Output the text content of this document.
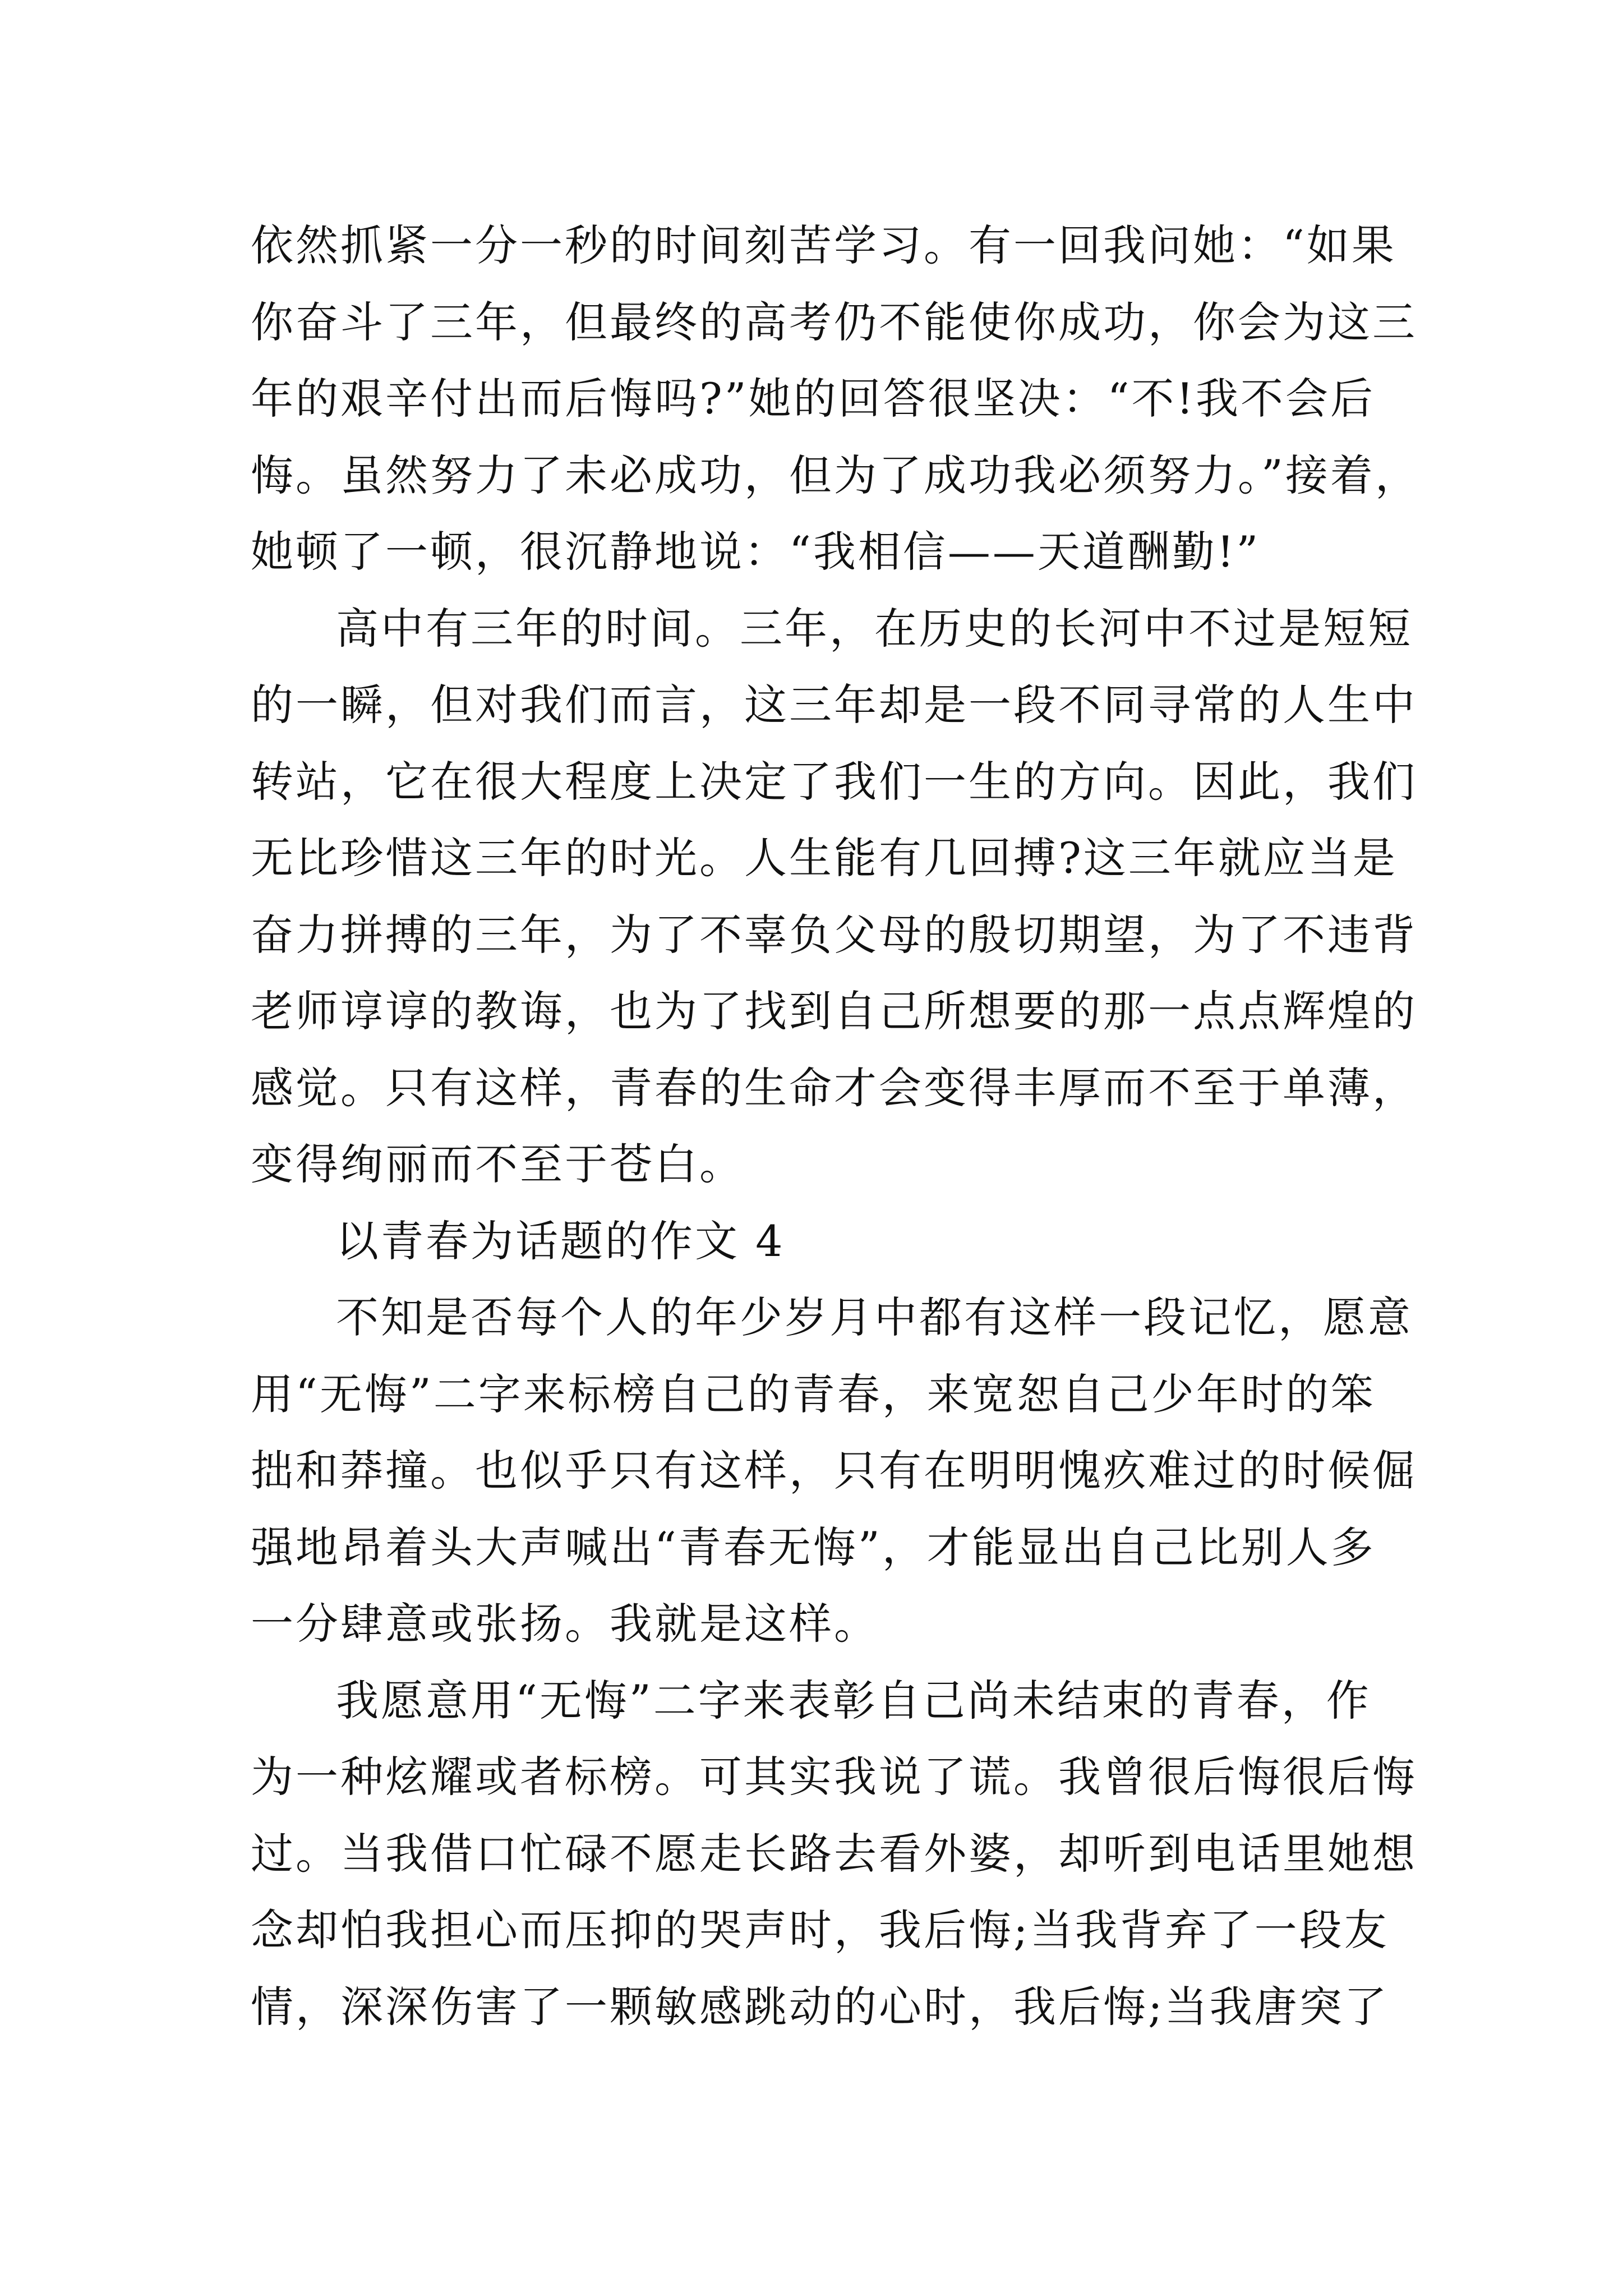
依然抓紧一分一秒的时间刻苦学习。有一回我问她：“如果
你奋斗了三年，但最终的高考仍不能使你成功，你会为这三
年的艰辛付出而后悔吗?”她的回答很坚决：“不!我不会后
悔。虽然努力了未必成功，但为了成功我必须努力。”接着，
她顿了一顿，很沉静地说：“我相信——天道酬勤!”
高中有三年的时间。三年，在历史的长河中不过是短短
的一瞬，但对我们而言，这三年却是一段不同寻常的人生中
转站，它在很大程度上决定了我们一生的方向。因此，我们
无比珍惜这三年的时光。人生能有几回搏?这三年就应当是
奋力拼搏的三年，为了不辜负父母的殷切期望，为了不违背
老师谆谆的教诲，也为了找到自己所想要的那一点点辉煌的
感觉。只有这样，青春的生命才会变得丰厚而不至于单薄，
变得绚丽而不至于苍白。
以青春为话题的作文 4
不知是否每个人的年少岁月中都有这样一段记忆，愿意
用“无悔”二字来标榜自己的青春，来宽恕自己少年时的笨
拙和莽撞。也似乎只有这样，只有在明明愧疚难过的时候倔
强地昂着头大声喊出“青春无悔”，才能显出自己比别人多
一分肆意或张扬。我就是这样。
我愿意用“无悔”二字来表彰自己尚未结束的青春，作
为一种炫耀或者标榜。可其实我说了谎。我曾很后悔很后悔
过。当我借口忙碌不愿走长路去看外婆，却听到电话里她想
念却怕我担心而压抑的哭声时，我后悔;当我背弃了一段友
情，深深伤害了一颗敏感跳动的心时，我后悔;当我唐突了
